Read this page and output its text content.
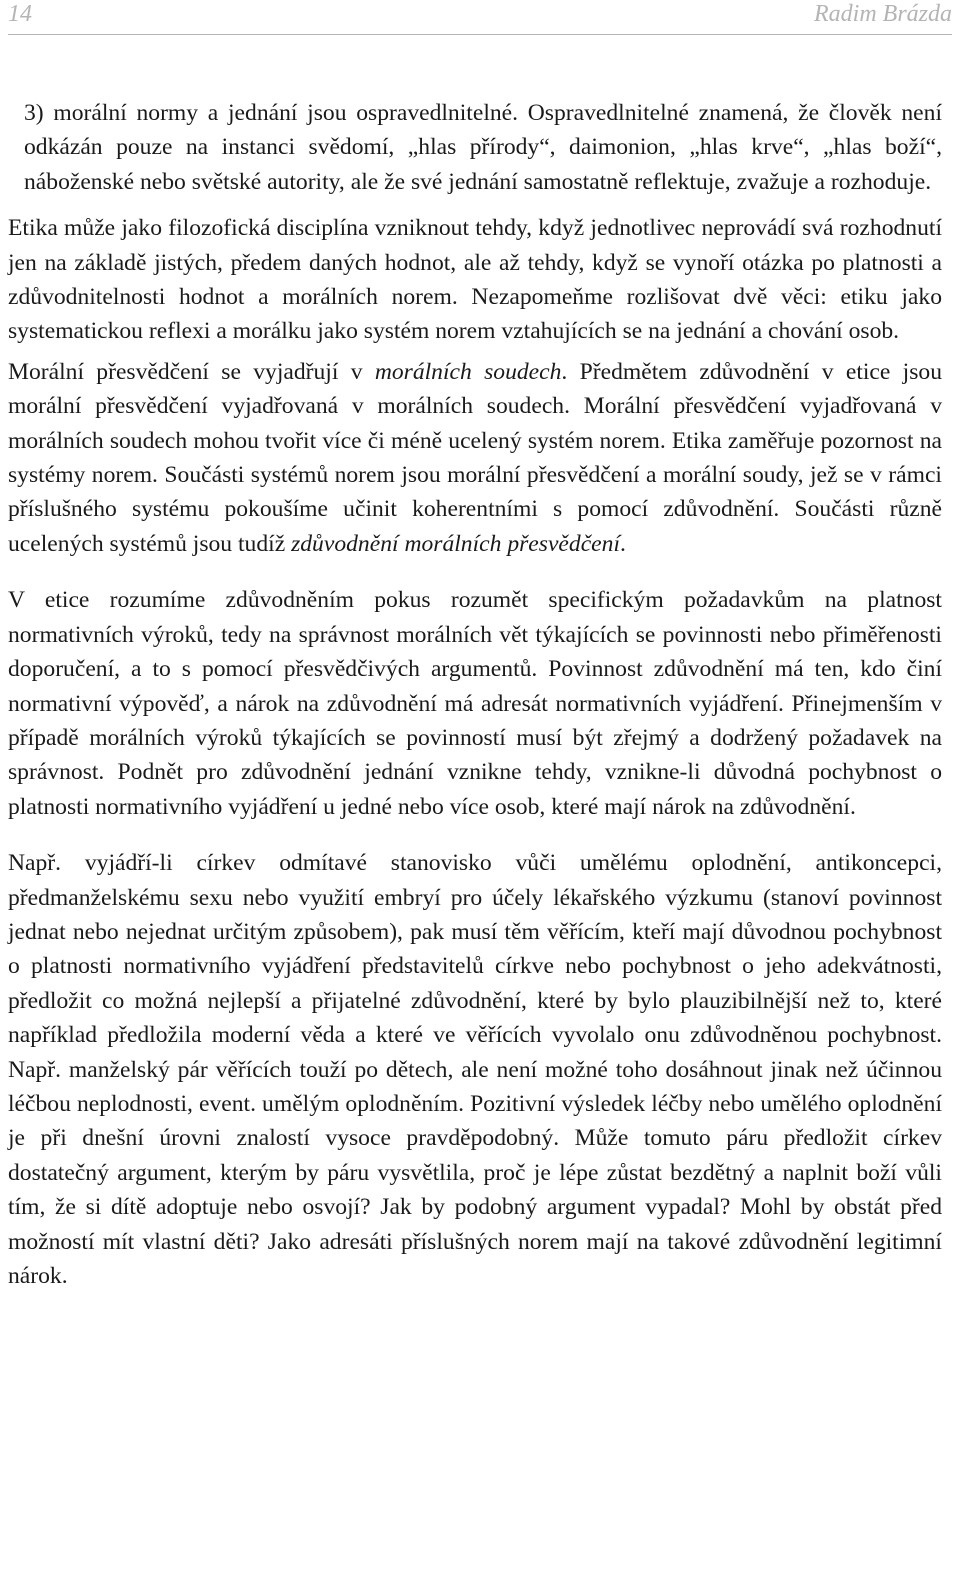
14	Radim Brázda

3) morální normy a jednání jsou ospravedlnitelné. Ospravedlnitelné znamená, že člověk není odkázán pouze na instanci svědomí, „hlas přírody“, daimonion, „hlas krve“, „hlas boží“, náboženské nebo světské autority, ale že své jednání samostatně reflektuje, zvažuje a rozhoduje.

Etika může jako filozofická disciplína vzniknout tehdy, když jednotlivec neprovádí svá rozhodnutí jen na základě jistých, předem daných hodnot, ale až tehdy, když se vynoří otázka po platnosti a zdůvodnitelnosti hodnot a morálních norem. Nezapomeňme rozlišovat dvě věci: etiku jako systematickou reflexi a morálku jako systém norem vztahujících se na jednání a chování osob.

Morální přesvědčení se vyjadřují v morálních soudech. Předmětem zdůvodnění v etice jsou morální přesvědčení vyjadřovaná v morálních soudech. Morální přesvědčení vyjadřovaná v morálních soudech mohou tvořit více či méně ucelený systém norem. Etika zaměřuje pozornost na systémy norem. Součásti systémů norem jsou morální přesvědčení a morální soudy, jež se v rámci příslušného systému pokoušíme učinit koherentními s pomocí zdůvodnění. Součásti různě ucelených systémů jsou tudíž zdůvodnění morálních přesvědčení.

V etice rozumíme zdůvodněním pokus rozumět specifickým požadavkům na platnost normativních výroků, tedy na správnost morálních vět týkajících se povinnosti nebo přiměřenosti doporučení, a to s pomocí přesvědčivých argumentů. Povinnost zdůvodnění má ten, kdo činí normativní výpověď, a nárok na zdůvodnění má adresát normativních vyjádření. Přinejmenším v případě morálních výroků týkajících se povinností musí být zřejmý a dodržený požadavek na správnost. Podnět pro zdůvodnění jednání vznikne tehdy, vznikne-li důvodná pochybnost o platnosti normativního vyjádření u jedné nebo více osob, které mají nárok na zdůvodnění.

Např. vyjádří-li církev odmítavé stanovisko vůči umělému oplodnění, antikoncepci, předmanželskému sexu nebo využití embryí pro účely lékařského výzkumu (stanoví povinnost jednat nebo nejednat určitým způsobem), pak musí těm věřícím, kteří mají důvodnou pochybnost o platnosti normativního vyjádření představitelů církve nebo pochybnost o jeho adekvátnosti, předložit co možná nejlepší a přijatelné zdůvodnění, které by bylo plauzibilnější než to, které například předložila moderní věda a které ve věřících vyvolalo onu zdůvodněnou pochybnost. Např. manželský pár věřících touží po dětech, ale není možné toho dosáhnout jinak než účinnou léčbou neplodnosti, event. umělým oplodněním. Pozitivní výsledek léčby nebo umělého oplodnění je při dnešní úrovni znalostí vysoce pravděpodobný. Může tomuto páru předložit církev dostatečný argument, kterým by páru vysvětlila, proč je lépe zůstat bezdětný a naplnit boží vůli tím, že si dítě adoptuje nebo osvojí? Jak by podobný argument vypadal? Mohl by obstát před možností mít vlastní děti? Jako adresáti příslušných norem mají na takové zdůvodnění legitimní nárok.
